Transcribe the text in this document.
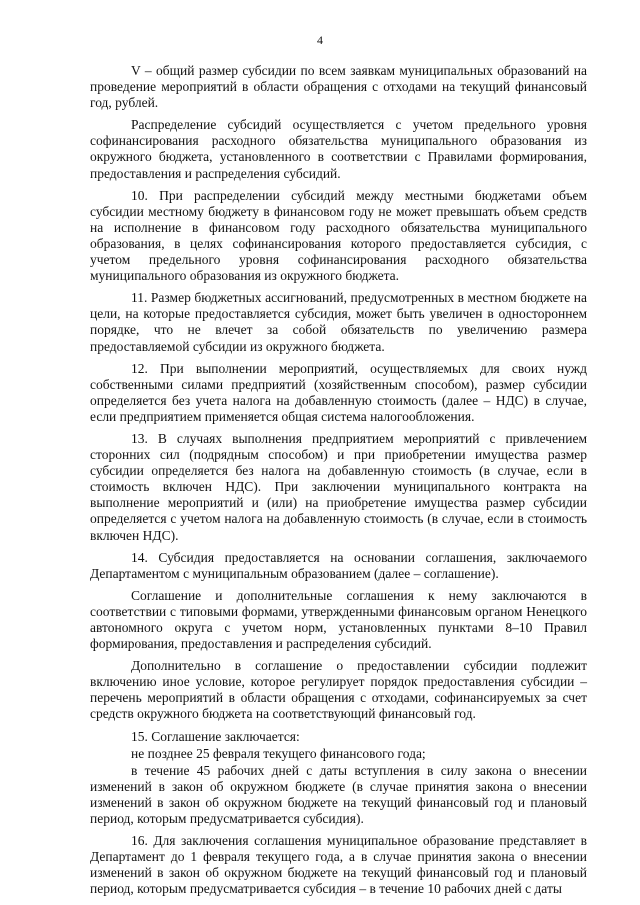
4

V – общий размер субсидии по всем заявкам муниципальных образований на проведение мероприятий в области обращения с отходами на текущий финансовый год, рублей.

Распределение субсидий осуществляется с учетом предельного уровня софинансирования расходного обязательства муниципального образования из окружного бюджета, установленного в соответствии с Правилами формирования, предоставления и распределения субсидий.

10. При распределении субсидий между местными бюджетами объем субсидии местному бюджету в финансовом году не может превышать объем средств на исполнение в финансовом году расходного обязательства муниципального образования, в целях софинансирования которого предоставляется субсидия, с учетом предельного уровня софинансирования расходного обязательства муниципального образования из окружного бюджета.

11. Размер бюджетных ассигнований, предусмотренных в местном бюджете на цели, на которые предоставляется субсидия, может быть увеличен в одностороннем порядке, что не влечет за собой обязательств по увеличению размера предоставляемой субсидии из окружного бюджета.

12. При выполнении мероприятий, осуществляемых для своих нужд собственными силами предприятий (хозяйственным способом), размер субсидии определяется без учета налога на добавленную стоимость (далее – НДС) в случае, если предприятием применяется общая система налогообложения.

13. В случаях выполнения предприятием мероприятий с привлечением сторонних сил (подрядным способом) и при приобретении имущества размер субсидии определяется без налога на добавленную стоимость (в случае, если в стоимость включен НДС). При заключении муниципального контракта на выполнение мероприятий и (или) на приобретение имущества размер субсидии определяется с учетом налога на добавленную стоимость (в случае, если в стоимость включен НДС).

14. Субсидия предоставляется на основании соглашения, заключаемого Департаментом с муниципальным образованием (далее – соглашение).

Соглашение и дополнительные соглашения к нему заключаются в соответствии с типовыми формами, утвержденными финансовым органом Ненецкого автономного округа с учетом норм, установленных пунктами 8–10 Правил формирования, предоставления и распределения субсидий.

Дополнительно в соглашение о предоставлении субсидии подлежит включению иное условие, которое регулирует порядок предоставления субсидии – перечень мероприятий в области обращения с отходами, софинансируемых за счет средств окружного бюджета на соответствующий финансовый год.

15. Соглашение заключается:

не позднее 25 февраля текущего финансового года;

в течение 45 рабочих дней с даты вступления в силу закона о внесении изменений в закон об окружном бюджете (в случае принятия закона о внесении изменений в закон об окружном бюджете на текущий финансовый год и плановый период, которым предусматривается субсидия).

16. Для заключения соглашения муниципальное образование представляет в Департамент до 1 февраля текущего года, а в случае принятия закона о внесении изменений в закон об окружном бюджете на текущий финансовый год и плановый период, которым предусматривается субсидия – в течение 10 рабочих дней с даты
